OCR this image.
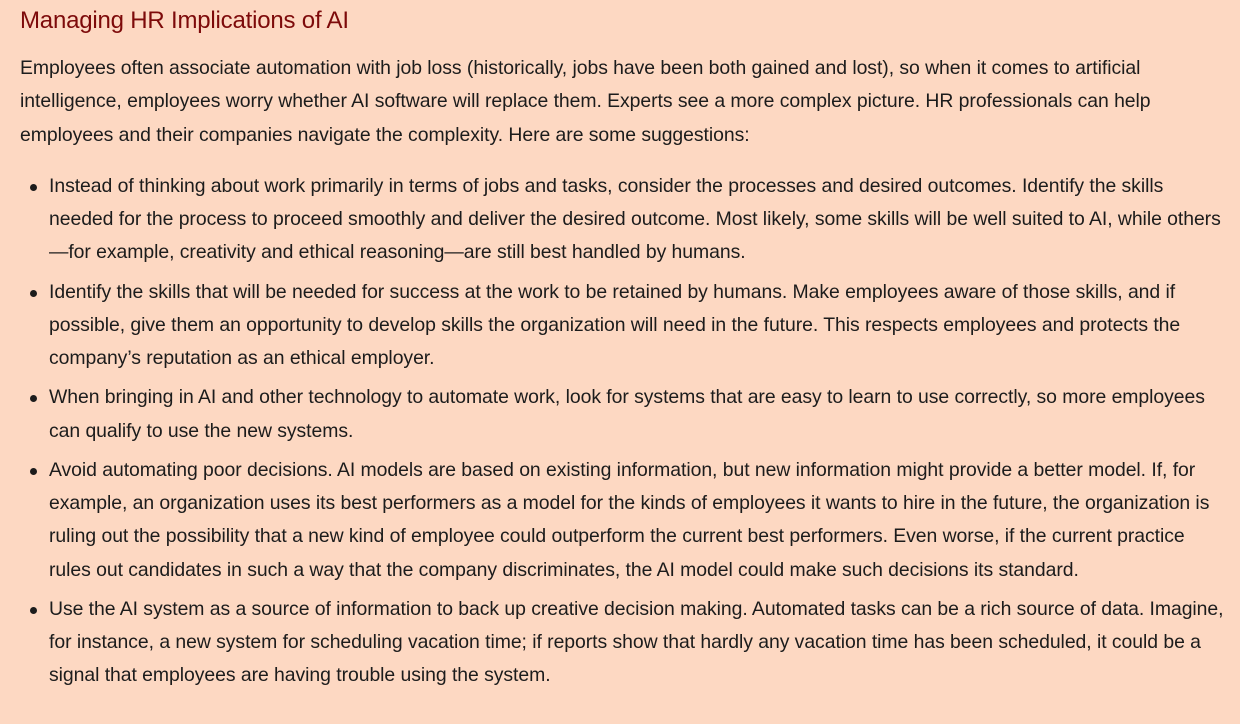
Managing HR Implications of AI

Employees often associate automation with job loss (historically, jobs have been both gained and lost), so when it comes to artificial intelligence, employees worry whether AI software will replace them. Experts see a more complex picture. HR professionals can help employees and their companies navigate the complexity. Here are some suggestions:

Instead of thinking about work primarily in terms of jobs and tasks, consider the processes and desired outcomes. Identify the skills needed for the process to proceed smoothly and deliver the desired outcome. Most likely, some skills will be well suited to AI, while others—for example, creativity and ethical reasoning—are still best handled by humans.
Identify the skills that will be needed for success at the work to be retained by humans. Make employees aware of those skills, and if possible, give them an opportunity to develop skills the organization will need in the future. This respects employees and protects the company’s reputation as an ethical employer.
When bringing in AI and other technology to automate work, look for systems that are easy to learn to use correctly, so more employees can qualify to use the new systems.
Avoid automating poor decisions. AI models are based on existing information, but new information might provide a better model. If, for example, an organization uses its best performers as a model for the kinds of employees it wants to hire in the future, the organization is ruling out the possibility that a new kind of employee could outperform the current best performers. Even worse, if the current practice rules out candidates in such a way that the company discriminates, the AI model could make such decisions its standard.
Use the AI system as a source of information to back up creative decision making. Automated tasks can be a rich source of data. Imagine, for instance, a new system for scheduling vacation time; if reports show that hardly any vacation time has been scheduled, it could be a signal that employees are having trouble using the system.
